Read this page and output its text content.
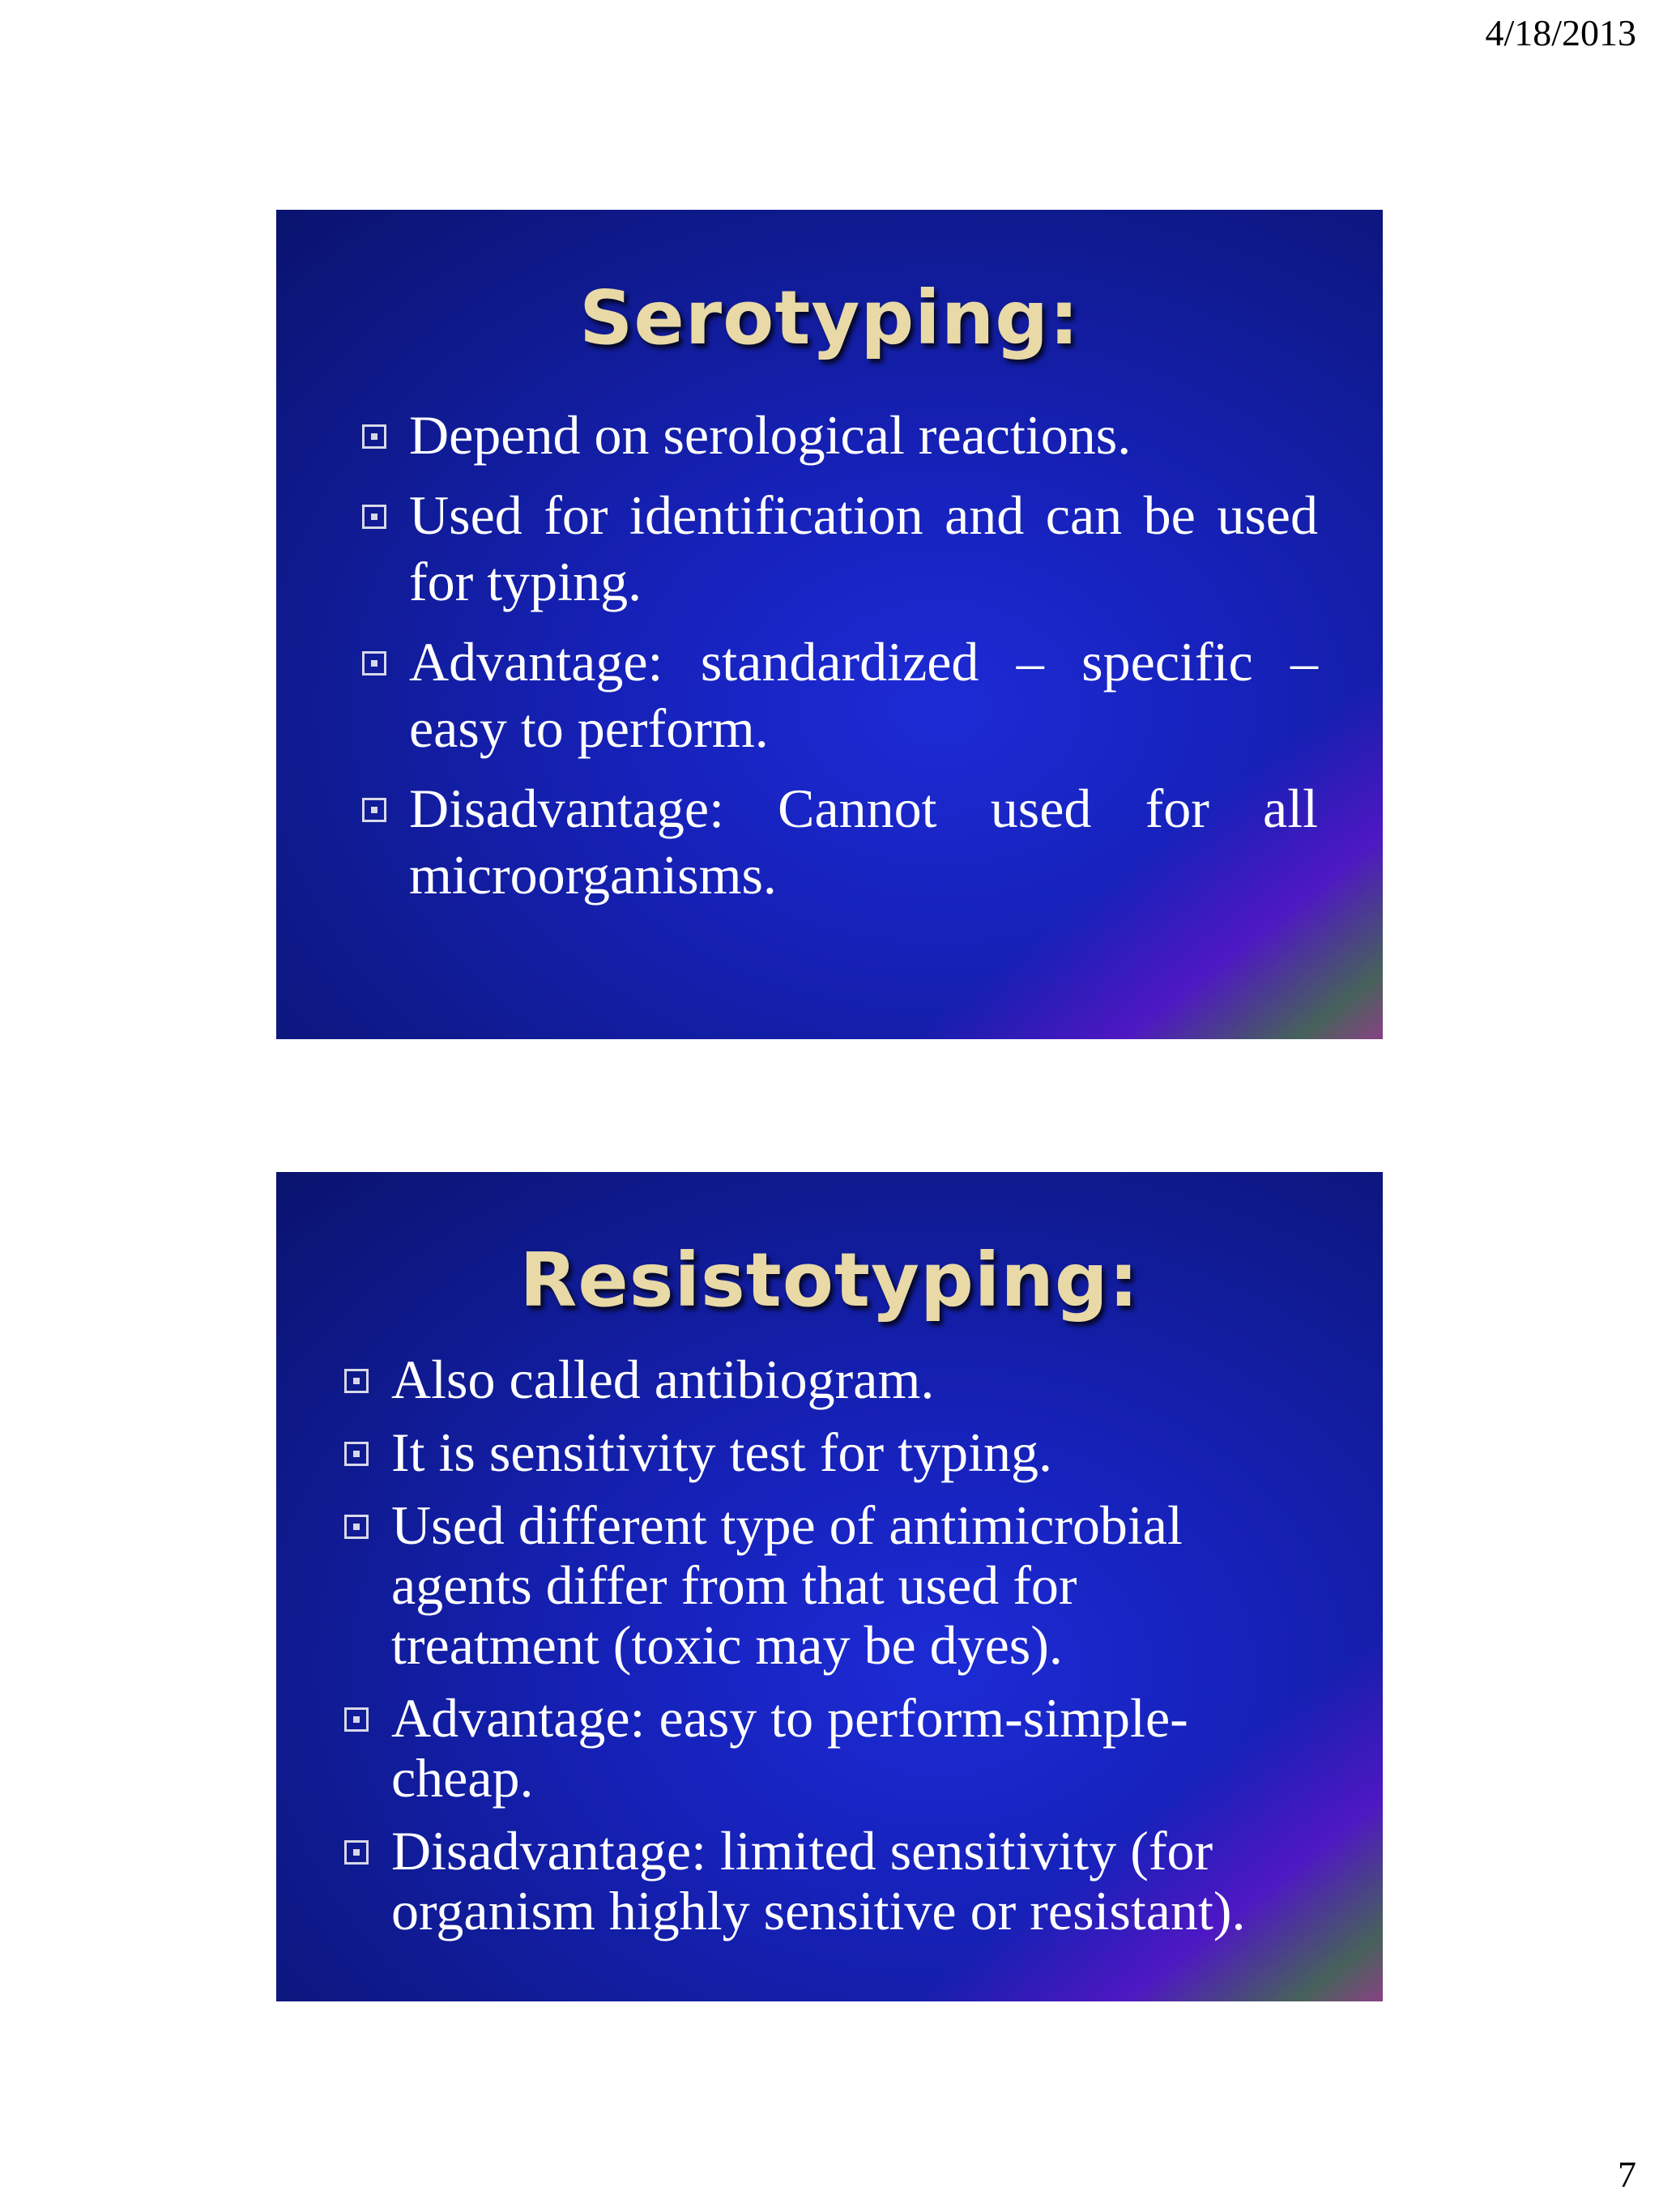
4/18/2013
Serotyping:
Depend on serological reactions.
Used for identification and can be used for typing.
Advantage: standardized – specific – easy to perform.
Disadvantage: Cannot used for all microorganisms.
Resistotyping:
Also called antibiogram.
It is sensitivity test for typing.
Used different type of antimicrobial agents differ from that used for treatment (toxic may be dyes).
Advantage: easy to perform-simple-cheap.
Disadvantage: limited sensitivity (for organism highly sensitive or resistant).
7
